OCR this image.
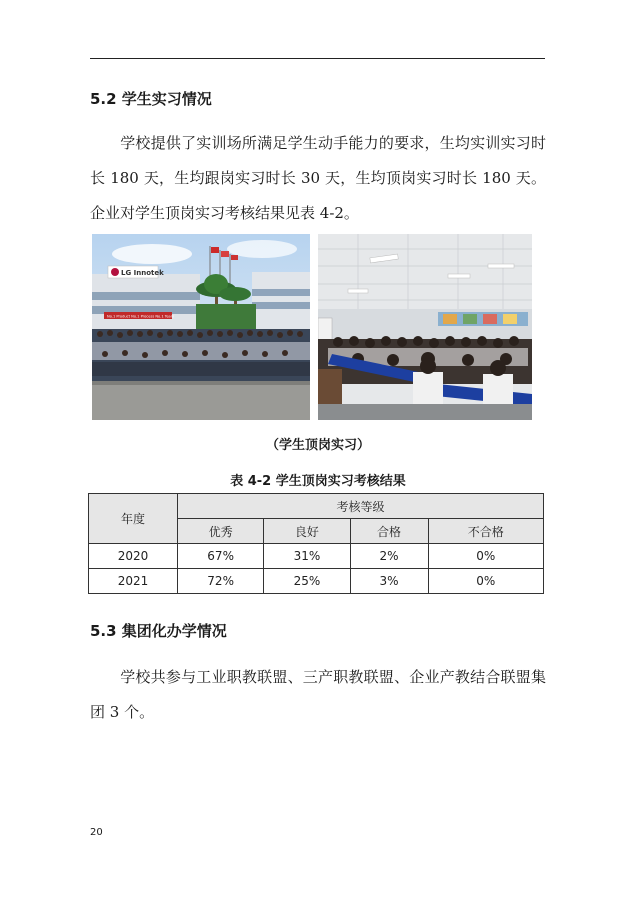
5.2 学生实习情况
学校提供了实训场所满足学生动手能力的要求，生均实训实习时长 180 天，生均跟岗实习时长 30 天，生均顶岗实习时长 180 天。企业对学生顶岗实习考核结果见表 4-2。
LG Innotek
No.1 Product No.1 Process No.1 Team
（学生顶岗实习）
表 4-2 学生顶岗实习考核结果
年度	考核等级			
	优秀	良好	合格	不合格
2020	67%	31%	2%	0%
2021	72%	25%	3%	0%
5.3 集团化办学情况
学校共参与工业职教联盟、三产职教联盟、企业产教结合联盟集团 3 个。
20
